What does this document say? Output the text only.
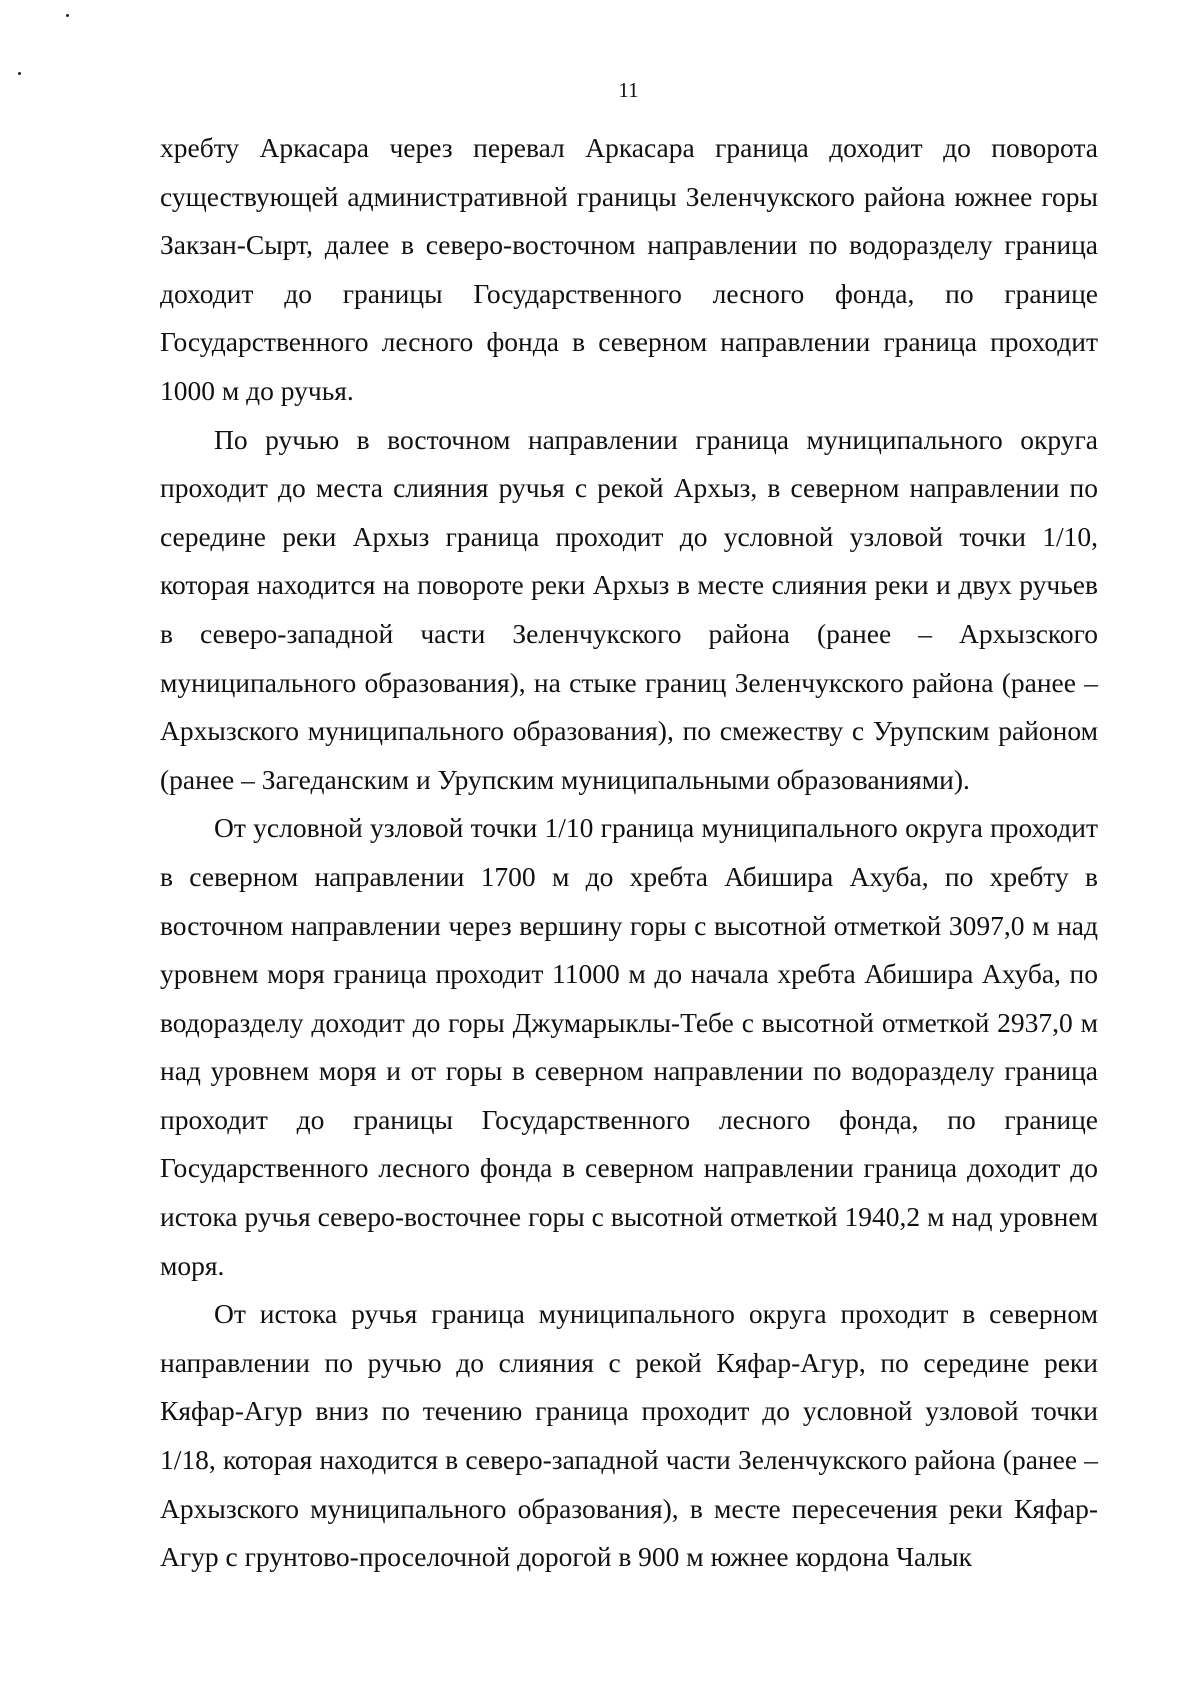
11

хребту Аркасара через перевал Аркасара граница доходит до поворота существующей административной границы Зеленчукского района южнее горы Закзан-Сырт, далее в северо-восточном направлении по водоразделу граница доходит до границы Государственного лесного фонда, по границе Государственного лесного фонда в северном направлении граница проходит 1000 м до ручья.

По ручью в восточном направлении граница муниципального округа проходит до места слияния ручья с рекой Архыз, в северном направлении по середине реки Архыз граница проходит до условной узловой точки 1/10, которая находится на повороте реки Архыз в месте слияния реки и двух ручьев в северо-западной части Зеленчукского района (ранее – Архызского муниципального образования), на стыке границ Зеленчукского района (ранее – Архызского муниципального образования), по смежеству с Урупским районом (ранее – Загеданским и Урупским муниципальными образованиями).

От условной узловой точки 1/10 граница муниципального округа проходит в северном направлении 1700 м до хребта Абишира Ахуба, по хребту в восточном направлении через вершину горы с высотной отметкой 3097,0 м над уровнем моря граница проходит 11000 м до начала хребта Абишира Ахуба, по водоразделу доходит до горы Джумарыклы-Тебе с высотной отметкой 2937,0 м над уровнем моря и от горы в северном направлении по водоразделу граница проходит до границы Государственного лесного фонда, по границе Государственного лесного фонда в северном направлении граница доходит до истока ручья северо-восточнее горы с высотной отметкой 1940,2 м над уровнем моря.

От истока ручья граница муниципального округа проходит в северном направлении по ручью до слияния с рекой Кяфар-Агур, по середине реки Кяфар-Агур вниз по течению граница проходит до условной узловой точки 1/18, которая находится в северо-западной части Зеленчукского района (ранее – Архызского муниципального образования), в месте пересечения реки Кяфар-Агур с грунтово-проселочной дорогой в 900 м южнее кордона Чалык
